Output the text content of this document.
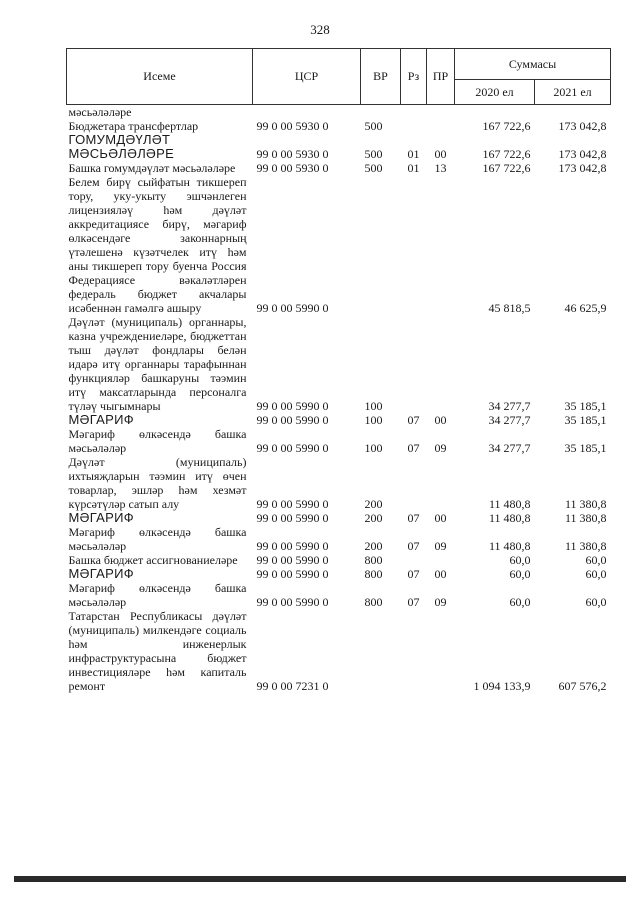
328
Исеме	ЦСР	ВР	Рз	ПР	Суммасы	
					2020 ел	2021 ел
мәсьәләләре						
Бюджетара трансфертлар	99 0 00 5930 0	500			167 722,6	173 042,8
ГОМУМДӘҮЛӘТ МӘСЬӘЛӘЛӘРЕ	99 0 00 5930 0	500	01	00	167 722,6	173 042,8
Башка гомумдәүләт мәсьәләләре	99 0 00 5930 0	500	01	13	167 722,6	173 042,8
Белем бирү сыйфатын тикшереп тору, уку-укыту эшчәнлеген лицензияләү һәм дәүләт аккредитациясе бирү, мәгариф өлкәсендәге законнарның үтәлешенә күзәтчелек итү һәм аны тикшереп тору буенча Россия Федерациясе вәкаләтләрен федераль бюджет акчалары исәбеннән гамәлгә ашыру	99 0 00 5990 0				45 818,5	46 625,9
Дәүләт (муниципаль) органнары, казна учреждениеләре, бюджеттан тыш дәүләт фондлары белән идарә итү органнары тарафыннан функцияләр башкаруны тәэмин итү максатларында персоналга түләү чыгымнары	99 0 00 5990 0	100			34 277,7	35 185,1
МӘГАРИФ	99 0 00 5990 0	100	07	00	34 277,7	35 185,1
Мәгариф өлкәсендә башка мәсьәләләр	99 0 00 5990 0	100	07	09	34 277,7	35 185,1
Дәүләт (муниципаль) ихтыяҗларын тәэмин итү өчен товарлар, эшләр һәм хезмәт күрсәтүләр сатып алу	99 0 00 5990 0	200			11 480,8	11 380,8
МӘГАРИФ	99 0 00 5990 0	200	07	00	11 480,8	11 380,8
Мәгариф өлкәсендә башка мәсьәләләр	99 0 00 5990 0	200	07	09	11 480,8	11 380,8
Башка бюджет ассигнованиеләре	99 0 00 5990 0	800			60,0	60,0
МӘГАРИФ	99 0 00 5990 0	800	07	00	60,0	60,0
Мәгариф өлкәсендә башка мәсьәләләр	99 0 00 5990 0	800	07	09	60,0	60,0
Татарстан Республикасы дәүләт (муниципаль) милкендәге социаль һәм инженерлык инфраструктурасына бюджет инвестицияләре һәм капиталь ремонт	99 0 00 7231 0				1 094 133,9	607 576,2
